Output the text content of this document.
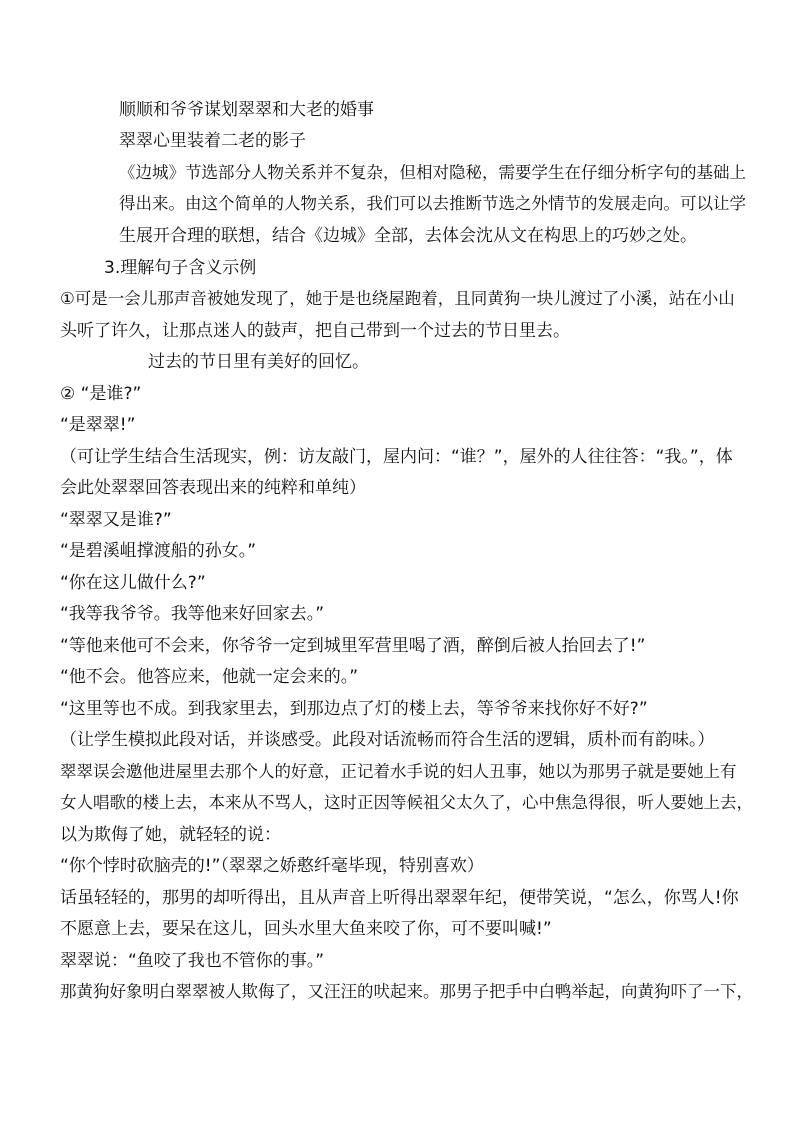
顺顺和爷爷谋划翠翠和大老的婚事
翠翠心里装着二老的影子
《边城》节选部分人物关系并不复杂，但相对隐秘，需要学生在仔细分析字句的基础上
得出来。由这个简单的人物关系，我们可以去推断节选之外情节的发展走向。可以让学
生展开合理的联想，结合《边城》全部，去体会沈从文在构思上的巧妙之处。
3.理解句子含义示例
①可是一会儿那声音被她发现了，她于是也绕屋跑着，且同黄狗一块儿渡过了小溪，站在小山
头听了许久，让那点迷人的鼓声，把自己带到一个过去的节日里去。
过去的节日里有美好的回忆。
② “是谁?”
“是翠翠!”
（可让学生结合生活现实，例：访友敲门，屋内问：“谁？”，屋外的人往往答：“我。”，体
会此处翠翠回答表现出来的纯粹和单纯）
“翠翠又是谁?”
“是碧溪岨撑渡船的孙女。”
“你在这儿做什么?”
“我等我爷爷。我等他来好回家去。”
“等他来他可不会来，你爷爷一定到城里军营里喝了酒，醉倒后被人抬回去了!”
“他不会。他答应来，他就一定会来的。”
“这里等也不成。到我家里去，到那边点了灯的楼上去，等爷爷来找你好不好?”
（让学生模拟此段对话，并谈感受。此段对话流畅而符合生活的逻辑，质朴而有韵味。）
翠翠误会邀他进屋里去那个人的好意，正记着水手说的妇人丑事，她以为那男子就是要她上有
女人唱歌的楼上去，本来从不骂人，这时正因等候祖父太久了，心中焦急得很，听人要她上去，
以为欺侮了她，就轻轻的说：
“你个悖时砍脑壳的!”（翠翠之娇憨纤毫毕现，特别喜欢）
话虽轻轻的，那男的却听得出，且从声音上听得出翠翠年纪，便带笑说，“怎么，你骂人!你
不愿意上去，要呆在这儿，回头水里大鱼来咬了你，可不要叫喊!”
翠翠说：“鱼咬了我也不管你的事。”
那黄狗好象明白翠翠被人欺侮了，又汪汪的吠起来。那男子把手中白鸭举起，向黄狗吓了一下，
